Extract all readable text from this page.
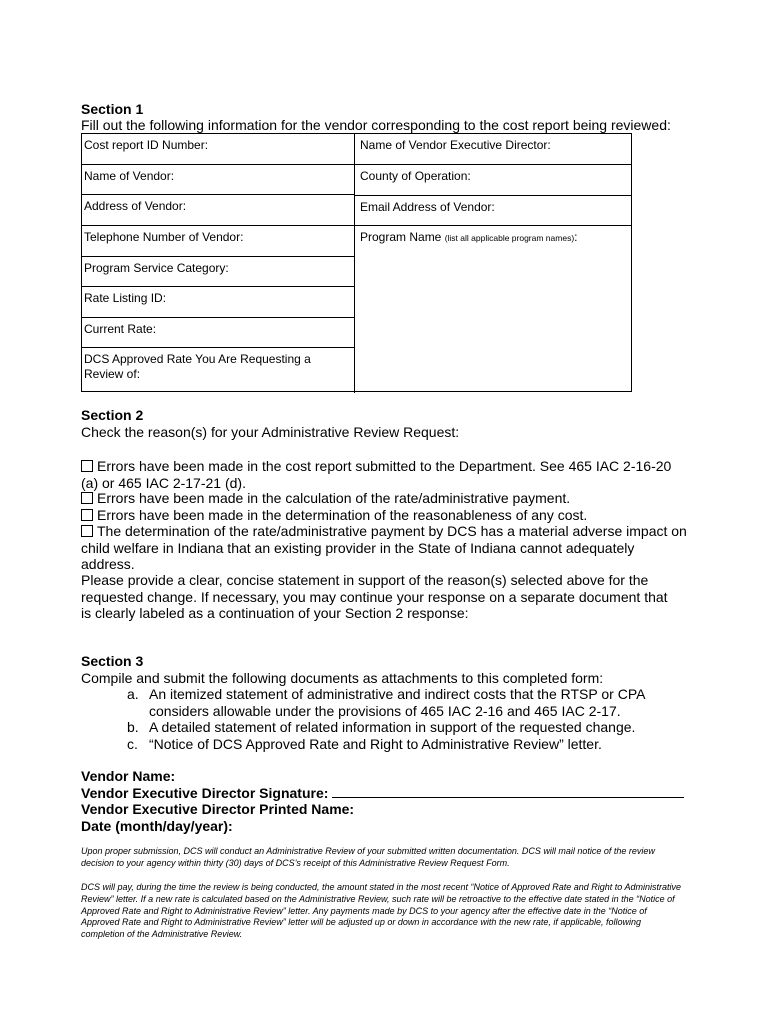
Section 1
Fill out the following information for the vendor corresponding to the cost report being reviewed:
Cost report ID Number:
Name of Vendor:
Address of Vendor:
Telephone Number of Vendor:
Program Service Category:
Rate Listing ID:
Current Rate:
DCS Approved Rate You Are Requesting a Review of:
Name of Vendor Executive Director:
County of Operation:
Email Address of Vendor:
Program Name (list all applicable program names):
Section 2
Check the reason(s) for your Administrative Review Request:
Errors have been made in the cost report submitted to the Department. See 465 IAC 2-16-20 (a) or 465 IAC 2-17-21 (d).
Errors have been made in the calculation of the rate/administrative payment.
Errors have been made in the determination of the reasonableness of any cost.
The determination of the rate/administrative payment by DCS has a material adverse impact on child welfare in Indiana that an existing provider in the State of Indiana cannot adequately address.
Please provide a clear, concise statement in support of the reason(s) selected above for the requested change. If necessary, you may continue your response on a separate document that is clearly labeled as a continuation of your Section 2 response:
Section 3
Compile and submit the following documents as attachments to this completed form:
a. An itemized statement of administrative and indirect costs that the RTSP or CPA considers allowable under the provisions of 465 IAC 2-16 and 465 IAC 2-17.
b. A detailed statement of related information in support of the requested change.
c. “Notice of DCS Approved Rate and Right to Administrative Review” letter.
Vendor Name:
Vendor Executive Director Signature:
Vendor Executive Director Printed Name:
Date (month/day/year):
Upon proper submission, DCS will conduct an Administrative Review of your submitted written documentation. DCS will mail notice of the review decision to your agency within thirty (30) days of DCS’s receipt of this Administrative Review Request Form.
DCS will pay, during the time the review is being conducted, the amount stated in the most recent “Notice of Approved Rate and Right to Administrative Review” letter. If a new rate is calculated based on the Administrative Review, such rate will be retroactive to the effective date stated in the “Notice of Approved Rate and Right to Administrative Review” letter. Any payments made by DCS to your agency after the effective date in the “Notice of Approved Rate and Right to Administrative Review” letter will be adjusted up or down in accordance with the new rate, if applicable, following completion of the Administrative Review.
